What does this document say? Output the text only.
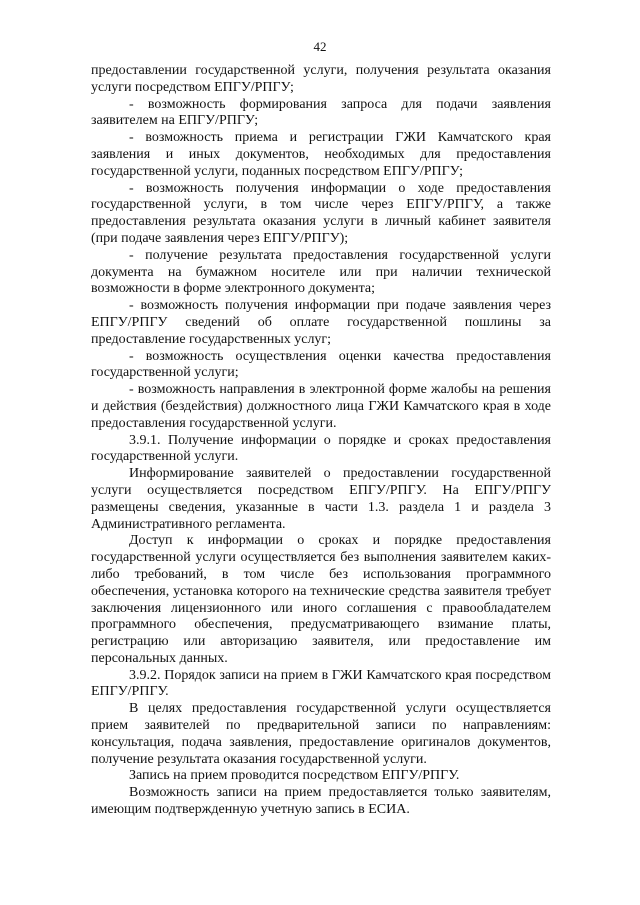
42

предоставлении государственной услуги, получения результата оказания услуги посредством ЕПГУ/РПГУ;

- возможность формирования запроса для подачи заявления заявителем на ЕПГУ/РПГУ;

- возможность приема и регистрации ГЖИ Камчатского края заявления и иных документов, необходимых для предоставления государственной услуги, поданных посредством ЕПГУ/РПГУ;

- возможность получения информации о ходе предоставления государственной услуги, в том числе через ЕПГУ/РПГУ, а также предоставления результата оказания услуги в личный кабинет заявителя (при подаче заявления через ЕПГУ/РПГУ);

- получение результата предоставления государственной услуги документа на бумажном носителе или при наличии технической возможности в форме электронного документа;

- возможность получения информации при подаче заявления через ЕПГУ/РПГУ сведений об оплате государственной пошлины за предоставление государственных услуг;

- возможность осуществления оценки качества предоставления государственной услуги;

- возможность направления в электронной форме жалобы на решения и действия (бездействия) должностного лица ГЖИ Камчатского края в ходе предоставления государственной услуги.

3.9.1. Получение информации о порядке и сроках предоставления государственной услуги.

Информирование заявителей о предоставлении государственной услуги осуществляется посредством ЕПГУ/РПГУ. На ЕПГУ/РПГУ размещены сведения, указанные в части 1.3. раздела 1 и раздела 3 Административного регламента.

Доступ к информации о сроках и порядке предоставления государственной услуги осуществляется без выполнения заявителем каких-либо требований, в том числе без использования программного обеспечения, установка которого на технические средства заявителя требует заключения лицензионного или иного соглашения с правообладателем программного обеспечения, предусматривающего взимание платы, регистрацию или авторизацию заявителя, или предоставление им персональных данных.

3.9.2. Порядок записи на прием в ГЖИ Камчатского края посредством ЕПГУ/РПГУ.

В целях предоставления государственной услуги осуществляется прием заявителей по предварительной записи по направлениям: консультация, подача заявления, предоставление оригиналов документов, получение результата оказания государственной услуги.

Запись на прием проводится посредством ЕПГУ/РПГУ.

Возможность записи на прием предоставляется только заявителям, имеющим подтвержденную учетную запись в ЕСИА.
